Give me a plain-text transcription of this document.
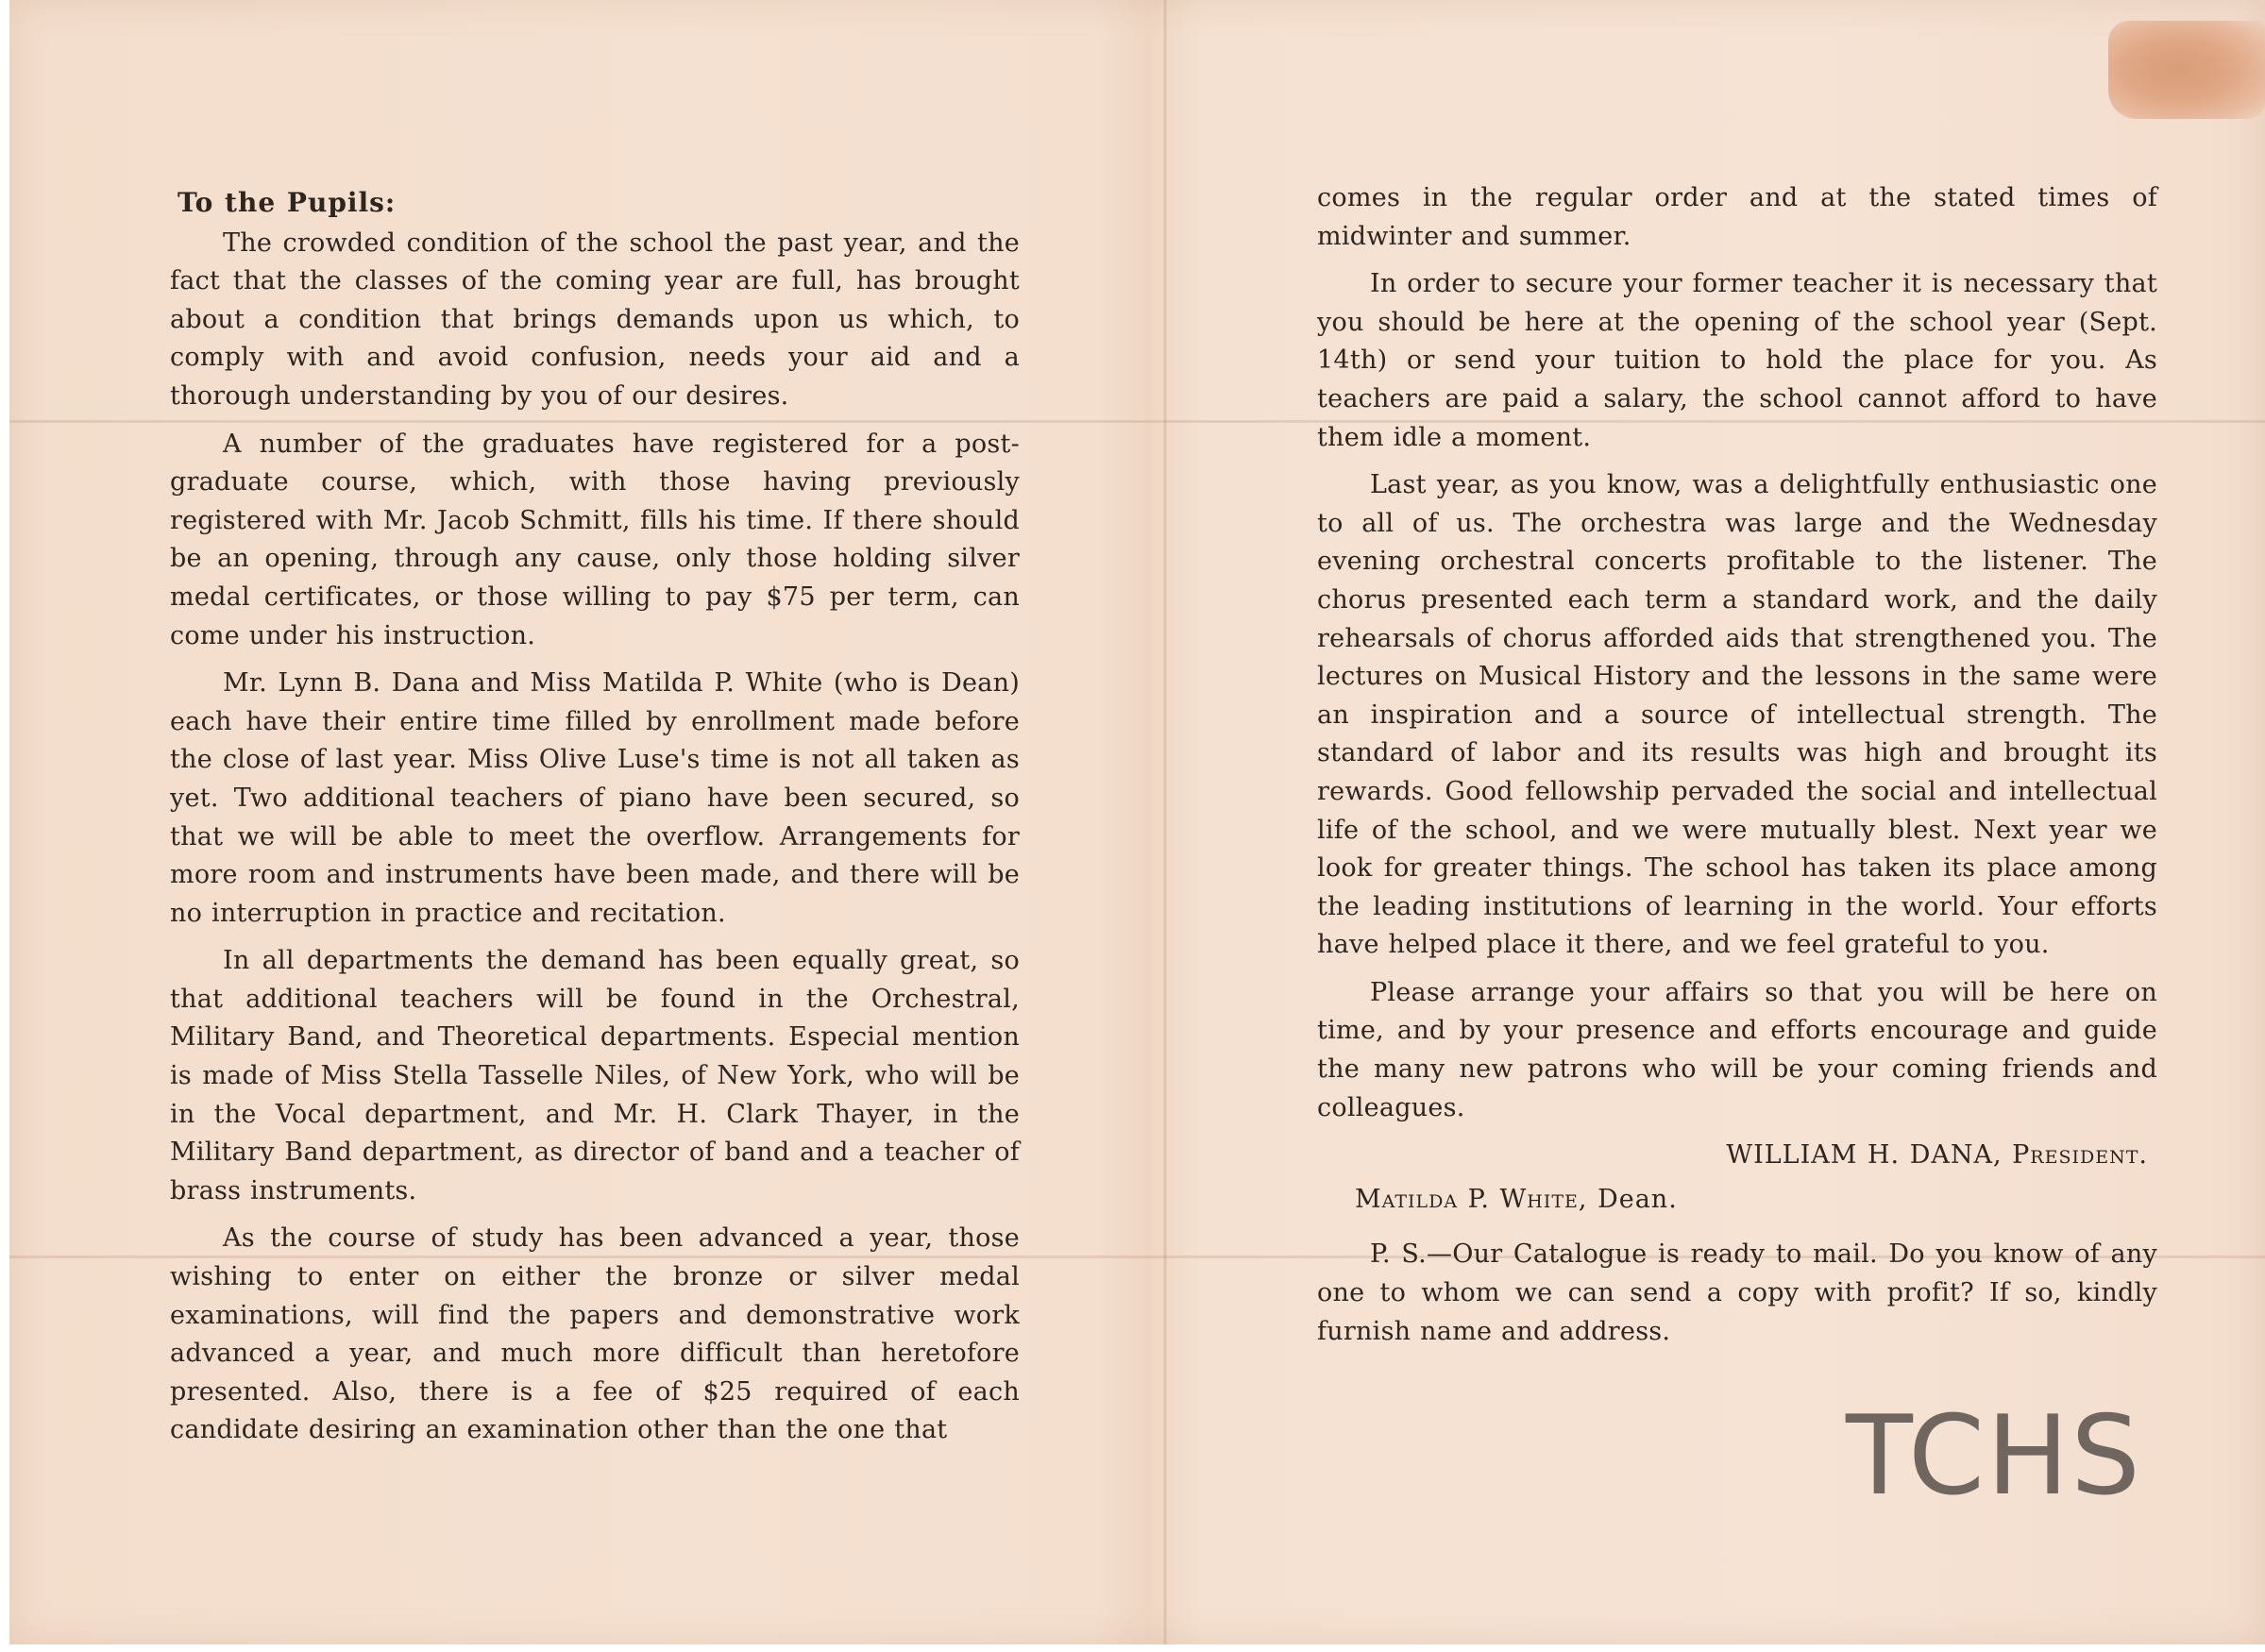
To the Pupils:

The crowded condition of the school the past year, and the fact that the classes of the coming year are full, has brought about a condition that brings demands upon us which, to comply with and avoid confusion, needs your aid and a thorough understanding by you of our desires.

A number of the graduates have registered for a post-graduate course, which, with those having previously registered with Mr. Jacob Schmitt, fills his time. If there should be an opening, through any cause, only those holding silver medal certificates, or those willing to pay $75 per term, can come under his instruction.

Mr. Lynn B. Dana and Miss Matilda P. White (who is Dean) each have their entire time filled by enrollment made before the close of last year. Miss Olive Luse's time is not all taken as yet. Two additional teachers of piano have been secured, so that we will be able to meet the overflow. Arrangements for more room and instruments have been made, and there will be no interruption in practice and recitation.

In all departments the demand has been equally great, so that additional teachers will be found in the Orchestral, Military Band, and Theoretical departments. Especial mention is made of Miss Stella Tasselle Niles, of New York, who will be in the Vocal department, and Mr. H. Clark Thayer, in the Military Band department, as director of band and a teacher of brass instruments.

As the course of study has been advanced a year, those wishing to enter on either the bronze or silver medal examinations, will find the papers and demonstrative work advanced a year, and much more difficult than heretofore presented. Also, there is a fee of $25 required of each candidate desiring an examination other than the one that

comes in the regular order and at the stated times of midwinter and summer.

In order to secure your former teacher it is necessary that you should be here at the opening of the school year (Sept. 14th) or send your tuition to hold the place for you. As teachers are paid a salary, the school cannot afford to have them idle a moment.

Last year, as you know, was a delightfully enthusiastic one to all of us. The orchestra was large and the Wednesday evening orchestral concerts profitable to the listener. The chorus presented each term a standard work, and the daily rehearsals of chorus afforded aids that strengthened you. The lectures on Musical History and the lessons in the same were an inspiration and a source of intellectual strength. The standard of labor and its results was high and brought its rewards. Good fellowship pervaded the social and intellectual life of the school, and we were mutually blest. Next year we look for greater things. The school has taken its place among the leading institutions of learning in the world. Your efforts have helped place it there, and we feel grateful to you.

Please arrange your affairs so that you will be here on time, and by your presence and efforts encourage and guide the many new patrons who will be your coming friends and colleagues.

WILLIAM H. DANA, President.
Matilda P. White, Dean.

P. S.—Our Catalogue is ready to mail. Do you know of any one to whom we can send a copy with profit? If so, kindly furnish name and address.

TCHS
